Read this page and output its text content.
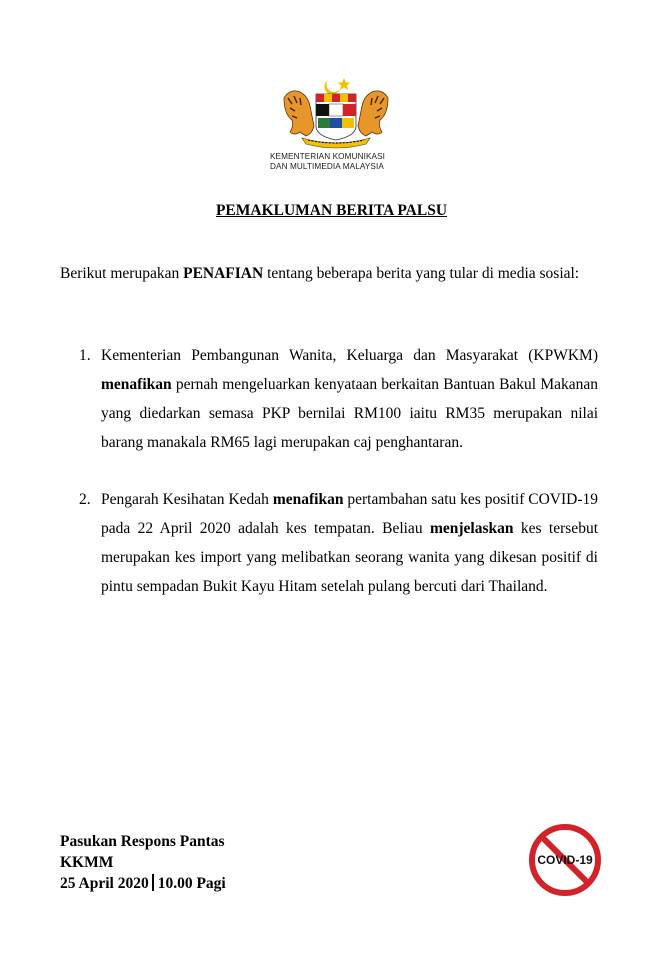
KEMENTERIAN KOMUNIKASI
DAN MULTIMEDIA MALAYSIA
PEMAKLUMAN BERITA PALSU

Berikut merupakan PENAFIAN tentang beberapa berita yang tular di media sosial:

1. Kementerian Pembangunan Wanita, Keluarga dan Masyarakat (KPWKM) menafikan pernah mengeluarkan kenyataan berkaitan Bantuan Bakul Makanan yang diedarkan semasa PKP bernilai RM100 iaitu RM35 merupakan nilai barang manakala RM65 lagi merupakan caj penghantaran.
2. Pengarah Kesihatan Kedah menafikan pertambahan satu kes positif COVID-19 pada 22 April 2020 adalah kes tempatan. Beliau menjelaskan kes tersebut merupakan kes import yang melibatkan seorang wanita yang dikesan positif di pintu sempadan Bukit Kayu Hitam setelah pulang bercuti dari Thailand.
Pasukan Respons Pantas
KKMM
25 April 2020 10.00 Pagi
COVID-19
